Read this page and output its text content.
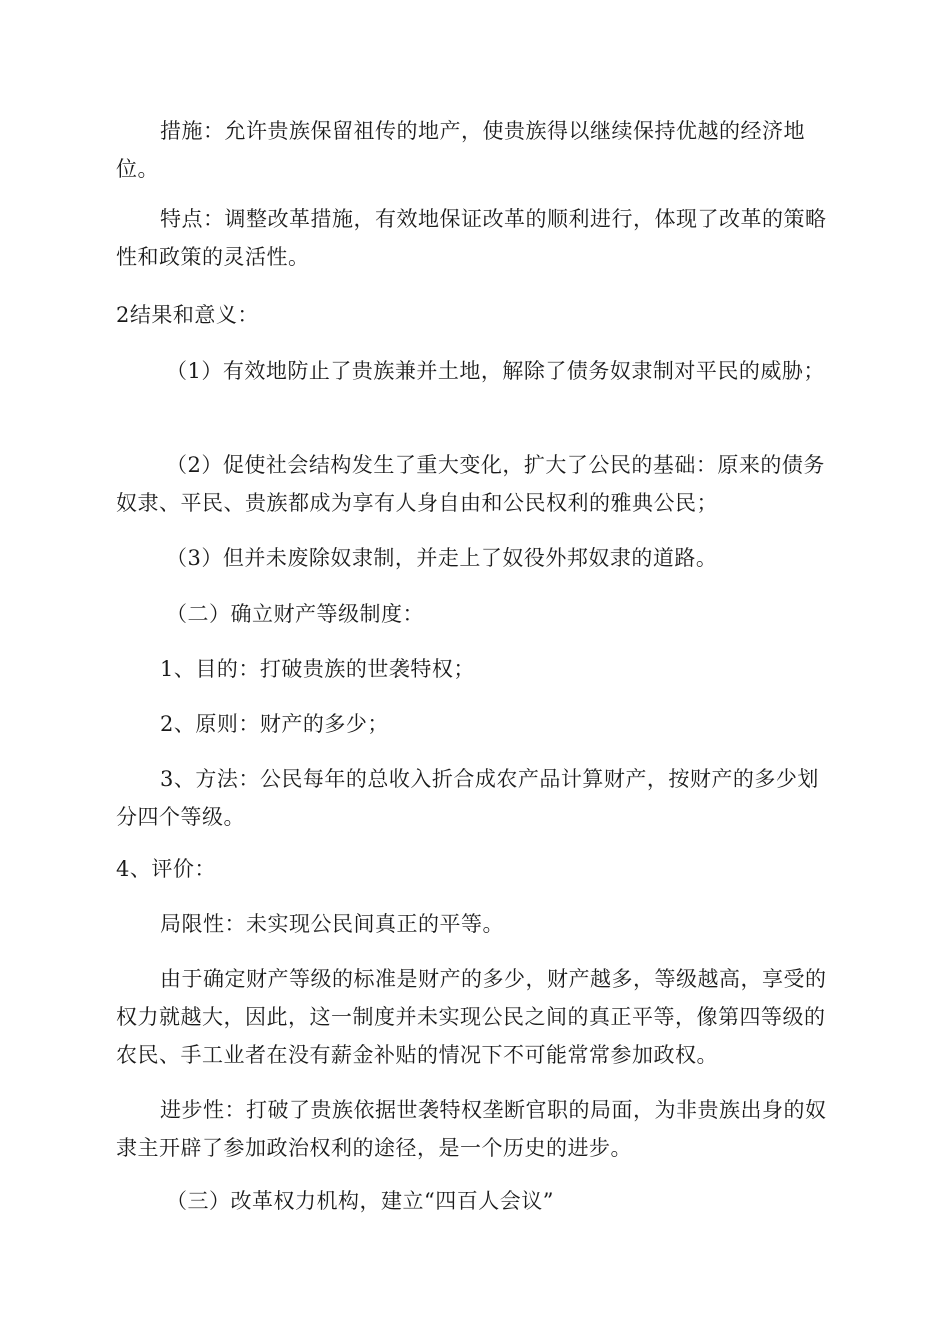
措施：允许贵族保留祖传的地产，使贵族得以继续保持优越的经济地位。

特点：调整改革措施，有效地保证改革的顺利进行，体现了改革的策略性和政策的灵活性。

2结果和意义：

（1）有效地防止了贵族兼并土地，解除了债务奴隶制对平民的威胁；

（2）促使社会结构发生了重大变化，扩大了公民的基础：原来的债务奴隶、平民、贵族都成为享有人身自由和公民权利的雅典公民；

（3）但并未废除奴隶制，并走上了奴役外邦奴隶的道路。

（二）确立财产等级制度：

1、目的：打破贵族的世袭特权；

2、原则：财产的多少；

3、方法：公民每年的总收入折合成农产品计算财产，按财产的多少划分四个等级。

4、评价：

局限性：未实现公民间真正的平等。

由于确定财产等级的标准是财产的多少，财产越多，等级越高，享受的权力就越大，因此，这一制度并未实现公民之间的真正平等，像第四等级的农民、手工业者在没有薪金补贴的情况下不可能常常参加政权。

进步性：打破了贵族依据世袭特权垄断官职的局面，为非贵族出身的奴隶主开辟了参加政治权利的途径，是一个历史的进步。

（三）改革权力机构，建立“四百人会议”
